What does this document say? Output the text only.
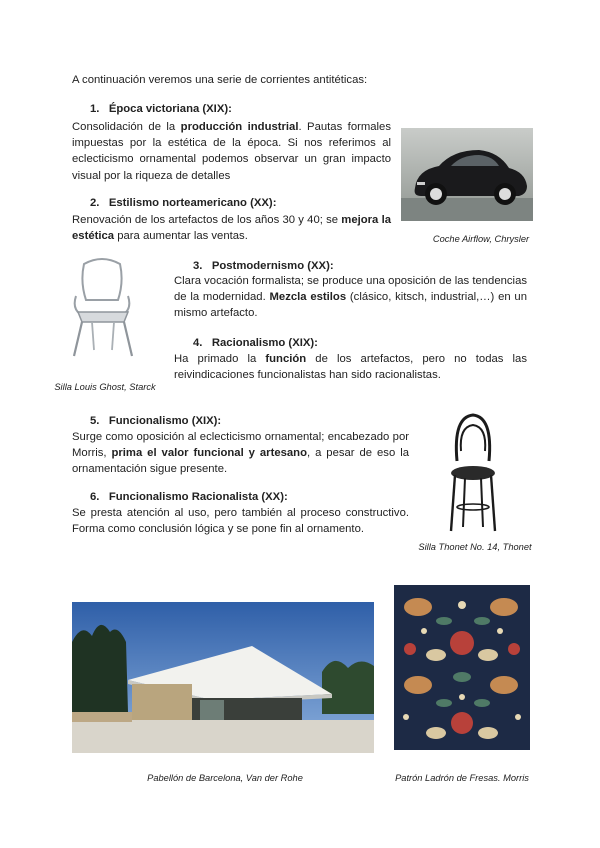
A continuación veremos una serie de corrientes antitéticas:
1. Época victoriana (XIX):
Consolidación de la producción industrial. Pautas formales impuestas por la estética de la época. Si nos referimos al eclecticismo ornamental podemos observar un gran impacto visual por la riqueza de detalles
Coche Airflow, Chrysler
2. Estilismo norteamericano (XX):
Renovación de los artefactos de los años 30 y 40; se mejora la estética para aumentar las ventas.
Silla Louis Ghost, Starck
3. Postmodernismo (XX):
Clara vocación formalista; se produce una oposición de las tendencias de la modernidad. Mezcla estilos (clásico, kitsch, industrial,…) en un mismo artefacto.
4. Racionalismo (XIX):
Ha primado la función de los artefactos, pero no todas las reivindicaciones funcionalistas han sido racionalistas.
5. Funcionalismo (XIX):
Surge como oposición al eclecticismo ornamental; encabezado por Morris, prima el valor funcional y artesano, a pesar de eso la ornamentación sigue presente.
Silla Thonet No. 14, Thonet
6. Funcionalismo Racionalista (XX):
Se presta atención al uso, pero también al proceso constructivo. Forma como conclusión lógica y se pone fin al ornamento.
Pabellón de Barcelona, Van der Rohe	Patrón Ladrón de Fresas. Morris
